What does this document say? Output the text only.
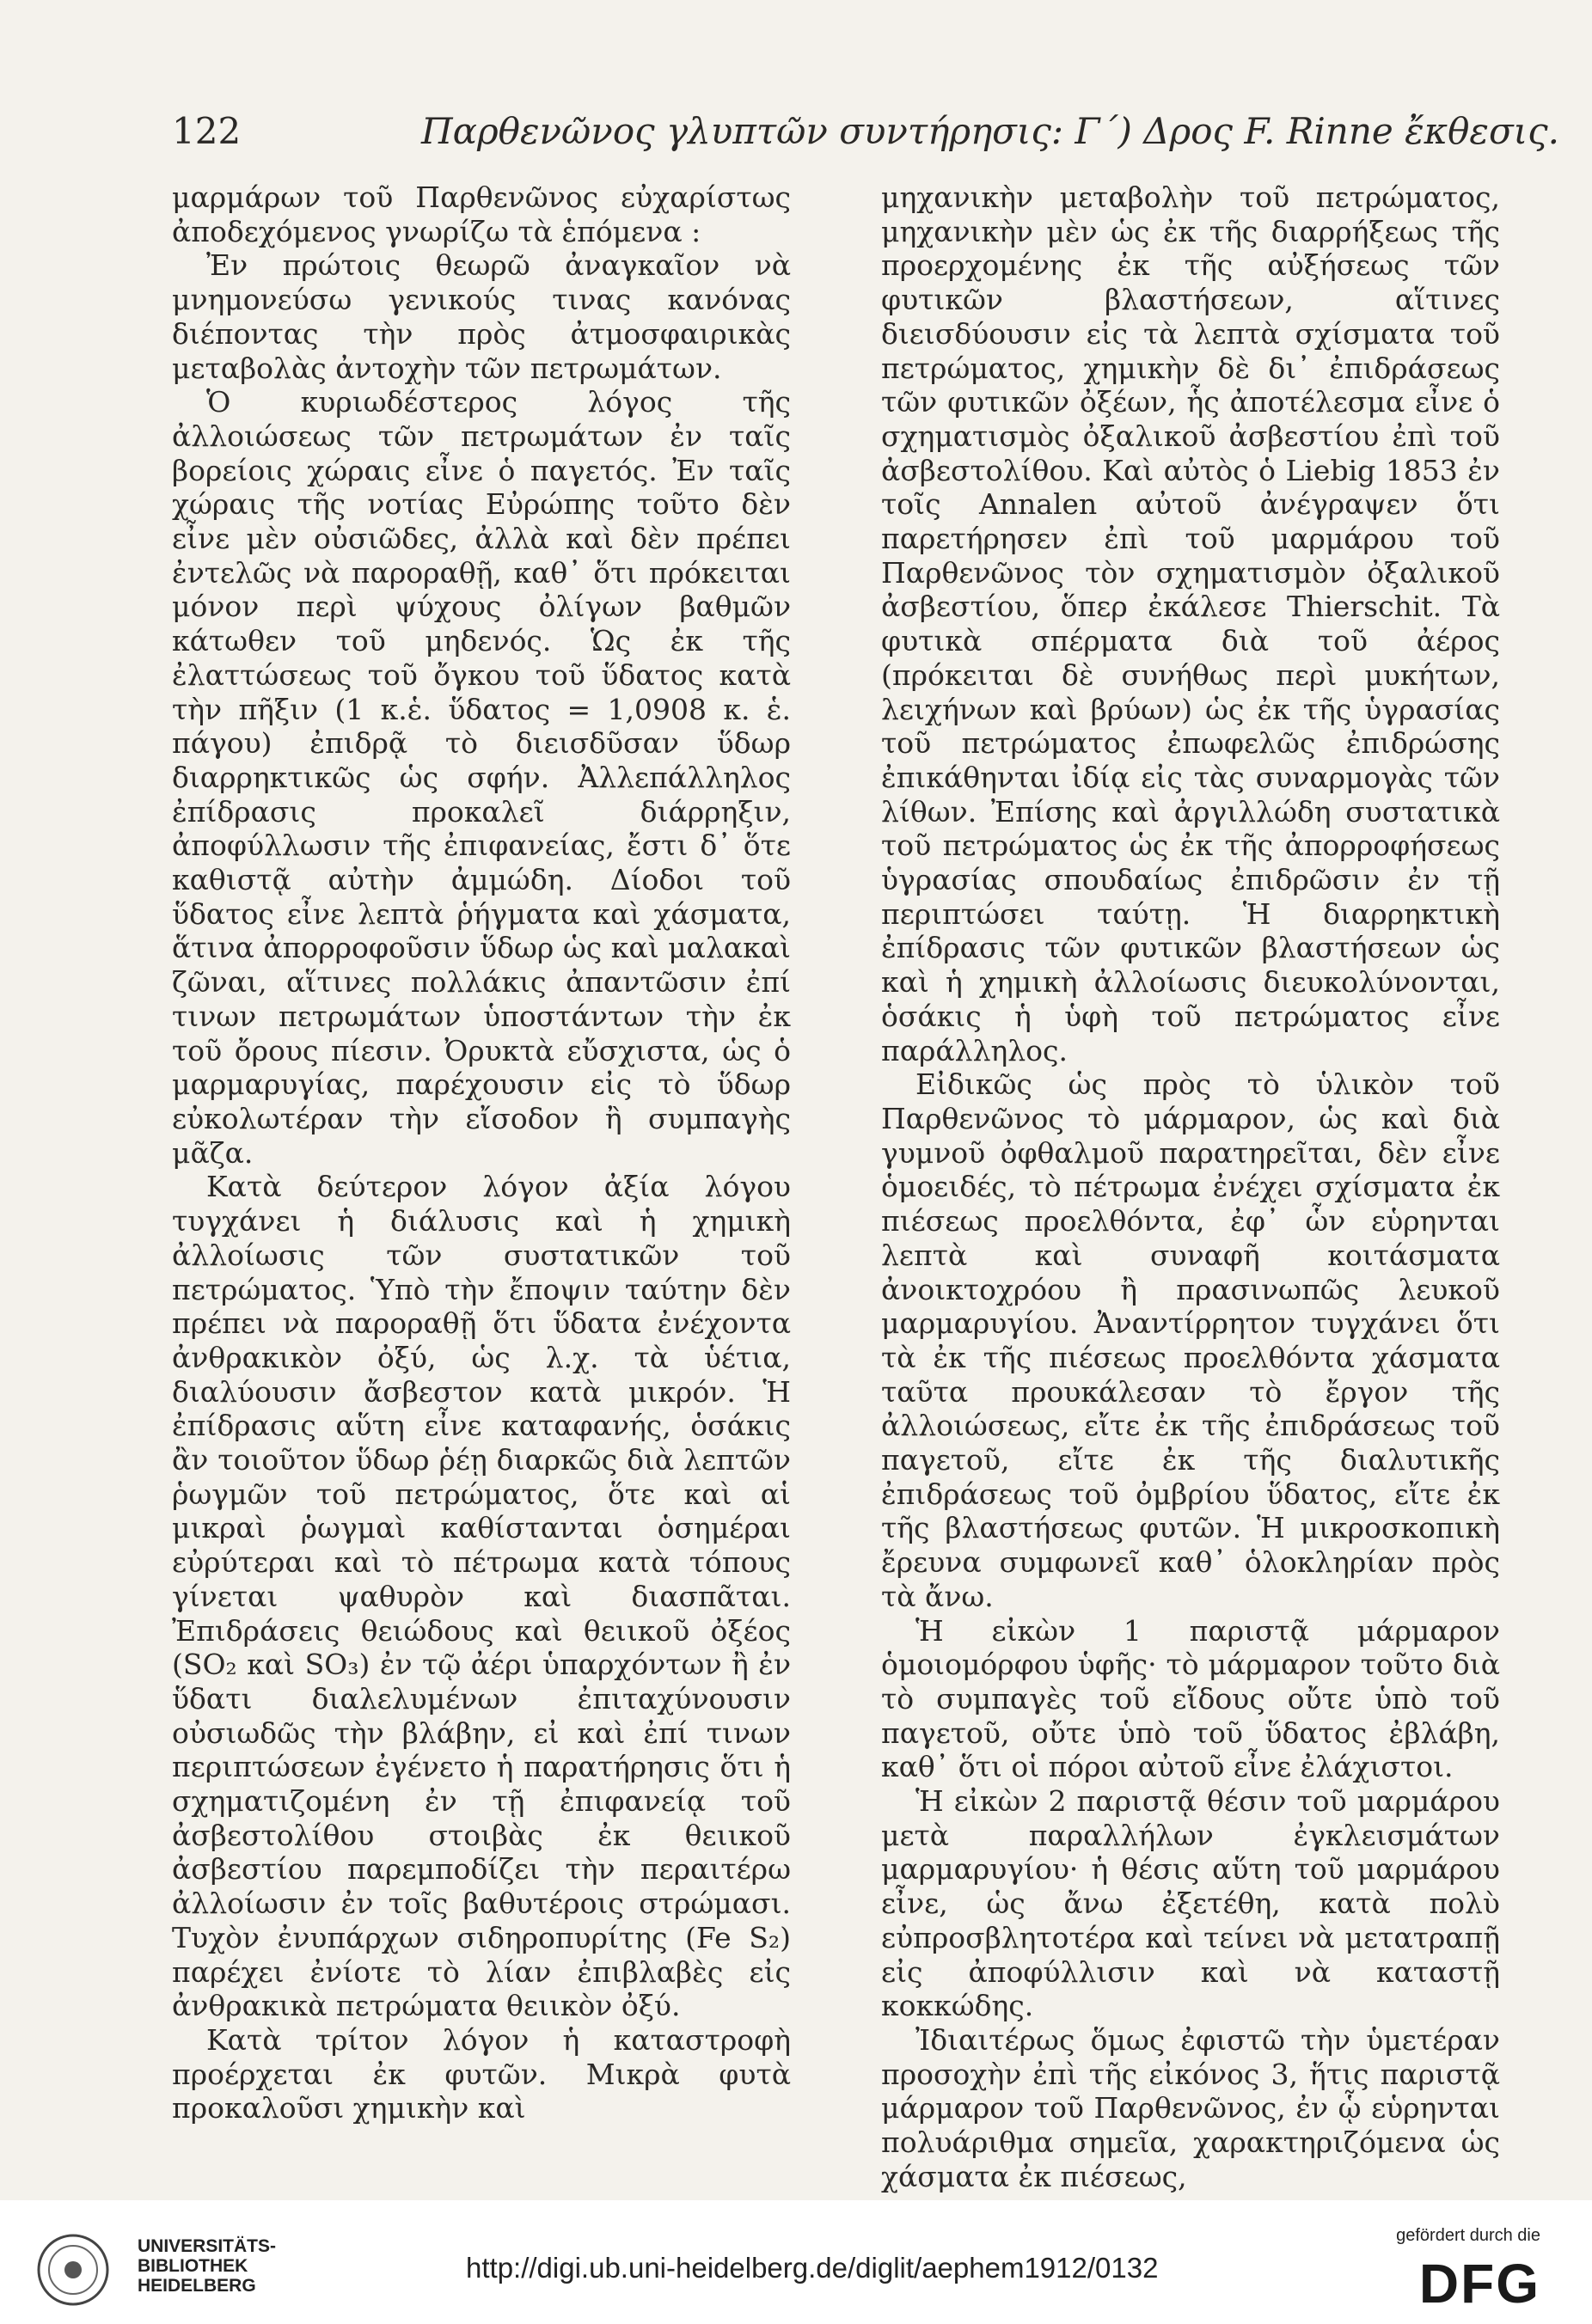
122	Παρθενῶνος γλυπτῶν συντήρησις: Γ΄) Δρος F. Rinne ἔκθεσις.

μαρμάρων τοῦ Παρθενῶνος εὐχαρίστως ἀποδεχόμενος γνωρίζω τὰ ἑπόμενα :

Ἐν πρώτοις θεωρῶ ἀναγκαῖον νὰ μνημονεύσω γενικούς τινας κανόνας διέποντας τὴν πρὸς ἀτμοσφαιρικὰς μεταβολὰς ἀντοχὴν τῶν πετρωμάτων.

Ὁ κυριωδέστερος λόγος τῆς ἀλλοιώσεως τῶν πετρωμάτων ἐν ταῖς βορείοις χώραις εἶνε ὁ παγετός. Ἐν ταῖς χώραις τῆς νοτίας Εὐρώπης τοῦτο δὲν εἶνε μὲν οὐσιῶδες, ἀλλὰ καὶ δὲν πρέπει ἐντελῶς νὰ παροραθῇ, καθ᾽ ὅτι πρόκειται μόνον περὶ ψύχους ὀλίγων βαθμῶν κάτωθεν τοῦ μηδενός. Ὡς ἐκ τῆς ἐλαττώσεως τοῦ ὄγκου τοῦ ὕδατος κατὰ τὴν πῆξιν (1 κ.ἑ. ὕδατος = 1,0908 κ. ἑ. πάγου) ἐπιδρᾷ τὸ διεισδῦσαν ὕδωρ διαρρηκτικῶς ὡς σφήν. Ἀλλεπάλληλος ἐπίδρασις προκαλεῖ διάρρηξιν, ἀποφύλλωσιν τῆς ἐπιφανείας, ἔστι δ᾽ ὅτε καθιστᾷ αὐτὴν ἀμμώδη. Δίοδοι τοῦ ὕδατος εἶνε λεπτὰ ῥήγματα καὶ χάσματα, ἅτινα ἀπορροφοῦσιν ὕδωρ ὡς καὶ μαλακαὶ ζῶναι, αἵτινες πολλάκις ἀπαντῶσιν ἐπί τινων πετρωμάτων ὑποστάντων τὴν ἐκ τοῦ ὄρους πίεσιν. Ὀρυκτὰ εὔσχιστα, ὡς ὁ μαρμαρυγίας, παρέχουσιν εἰς τὸ ὕδωρ εὐκολωτέραν τὴν εἴσοδον ἢ συμπαγὴς μᾶζα.

Κατὰ δεύτερον λόγον ἀξία λόγου τυγχάνει ἡ διάλυσις καὶ ἡ χημικὴ ἀλλοίωσις τῶν συστατικῶν τοῦ πετρώματος. Ὑπὸ τὴν ἔποψιν ταύτην δὲν πρέπει νὰ παροραθῇ ὅτι ὕδατα ἐνέχοντα ἀνθρακικὸν ὀξύ, ὡς λ.χ. τὰ ὑέτια, διαλύουσιν ἄσβεστον κατὰ μικρόν. Ἡ ἐπίδρασις αὕτη εἶνε καταφανής, ὁσάκις ἂν τοιοῦτον ὕδωρ ῥέῃ διαρκῶς διὰ λεπτῶν ῥωγμῶν τοῦ πετρώματος, ὅτε καὶ αἱ μικραὶ ῥωγμαὶ καθίστανται ὁσημέραι εὐρύτεραι καὶ τὸ πέτρωμα κατὰ τόπους γίνεται ψαθυρὸν καὶ διασπᾶται. Ἐπιδράσεις θειώδους καὶ θειικοῦ ὀξέος (SO₂ καὶ SO₃) ἐν τῷ ἀέρι ὑπαρχόντων ἢ ἐν ὕδατι διαλελυμένων ἐπιταχύνουσιν οὐσιωδῶς τὴν βλάβην, εἰ καὶ ἐπί τινων περιπτώσεων ἐγένετο ἡ παρατήρησις ὅτι ἡ σχηματιζομένη ἐν τῇ ἐπιφανείᾳ τοῦ ἀσβεστολίθου στοιβὰς ἐκ θειικοῦ ἀσβεστίου παρεμποδίζει τὴν περαιτέρω ἀλλοίωσιν ἐν τοῖς βαθυτέροις στρώμασι. Τυχὸν ἐνυπάρχων σιδηροπυρίτης (Fe S₂) παρέχει ἐνίοτε τὸ λίαν ἐπιβλαβὲς εἰς ἀνθρακικὰ πετρώματα θειικὸν ὀξύ.

Κατὰ τρίτον λόγον ἡ καταστροφὴ προέρχεται ἐκ φυτῶν. Μικρὰ φυτὰ προκαλοῦσι χημικὴν καὶ

μηχανικὴν μεταβολὴν τοῦ πετρώματος, μηχανικὴν μὲν ὡς ἐκ τῆς διαρρήξεως τῆς προερχομένης ἐκ τῆς αὐξήσεως τῶν φυτικῶν βλαστήσεων, αἵτινες διεισδύουσιν εἰς τὰ λεπτὰ σχίσματα τοῦ πετρώματος, χημικὴν δὲ δι᾽ ἐπιδράσεως τῶν φυτικῶν ὀξέων, ἧς ἀποτέλεσμα εἶνε ὁ σχηματισμὸς ὀξαλικοῦ ἀσβεστίου ἐπὶ τοῦ ἀσβεστολίθου. Καὶ αὐτὸς ὁ Liebig 1853 ἐν τοῖς Annalen αὐτοῦ ἀνέγραψεν ὅτι παρετήρησεν ἐπὶ τοῦ μαρμάρου τοῦ Παρθενῶνος τὸν σχηματισμὸν ὀξαλικοῦ ἀσβεστίου, ὅπερ ἐκάλεσε Thierschit. Τὰ φυτικὰ σπέρματα διὰ τοῦ ἀέρος (πρόκειται δὲ συνήθως περὶ μυκήτων, λειχήνων καὶ βρύων) ὡς ἐκ τῆς ὑγρασίας τοῦ πετρώματος ἐπωφελῶς ἐπιδρώσης ἐπικάθηνται ἰδίᾳ εἰς τὰς συναρμογὰς τῶν λίθων. Ἐπίσης καὶ ἀργιλλώδη συστατικὰ τοῦ πετρώματος ὡς ἐκ τῆς ἀπορροφήσεως ὑγρασίας σπουδαίως ἐπιδρῶσιν ἐν τῇ περιπτώσει ταύτῃ. Ἡ διαρρηκτικὴ ἐπίδρασις τῶν φυτικῶν βλαστήσεων ὡς καὶ ἡ χημικὴ ἀλλοίωσις διευκολύνονται, ὁσάκις ἡ ὑφὴ τοῦ πετρώματος εἶνε παράλληλος.

Εἰδικῶς ὡς πρὸς τὸ ὑλικὸν τοῦ Παρθενῶνος τὸ μάρμαρον, ὡς καὶ διὰ γυμνοῦ ὀφθαλμοῦ παρατηρεῖται, δὲν εἶνε ὁμοειδές, τὸ πέτρωμα ἐνέχει σχίσματα ἐκ πιέσεως προελθόντα, ἐφ᾽ ὧν εὑρηνται λεπτὰ καὶ συναφῆ κοιτάσματα ἀνοικτοχρόου ἢ πρασινωπῶς λευκοῦ μαρμαρυγίου. Ἀναντίρρητον τυγχάνει ὅτι τὰ ἐκ τῆς πιέσεως προελθόντα χάσματα ταῦτα προυκάλεσαν τὸ ἔργον τῆς ἀλλοιώσεως, εἴτε ἐκ τῆς ἐπιδράσεως τοῦ παγετοῦ, εἴτε ἐκ τῆς διαλυτικῆς ἐπιδράσεως τοῦ ὀμβρίου ὕδατος, εἴτε ἐκ τῆς βλαστήσεως φυτῶν. Ἡ μικροσκοπικὴ ἔρευνα συμφωνεῖ καθ᾽ ὁλοκληρίαν πρὸς τὰ ἄνω.

Ἡ εἰκὼν 1 παριστᾷ μάρμαρον ὁμοιομόρφου ὑφῆς· τὸ μάρμαρον τοῦτο διὰ τὸ συμπαγὲς τοῦ εἴδους οὔτε ὑπὸ τοῦ παγετοῦ, οὔτε ὑπὸ τοῦ ὕδατος ἐβλάβη, καθ᾽ ὅτι οἱ πόροι αὐτοῦ εἶνε ἐλάχιστοι.

Ἡ εἰκὼν 2 παριστᾷ θέσιν τοῦ μαρμάρου μετὰ παραλλήλων ἐγκλεισμάτων μαρμαρυγίου· ἡ θέσις αὕτη τοῦ μαρμάρου εἶνε, ὡς ἄνω ἐξετέθη, κατὰ πολὺ εὐπροσβλητοτέρα καὶ τείνει νὰ μετατραπῇ εἰς ἀποφύλλισιν καὶ νὰ καταστῇ κοκκώδης.

Ἰδιαιτέρως ὅμως ἐφιστῶ τὴν ὑμετέραν προσοχὴν ἐπὶ τῆς εἰκόνος 3, ἥτις παριστᾷ μάρμαρον τοῦ Παρθενῶνος, ἐν ᾧ εὑρηνται πολυάριθμα σημεῖα, χαρακτηριζόμενα ὡς χάσματα ἐκ πιέσεως,

UNIVERSITÄTS-
BIBLIOTHEK
HEIDELBERG
http://digi.ub.uni-heidelberg.de/diglit/aephem1912/0132
gefördert durch die
DFG
